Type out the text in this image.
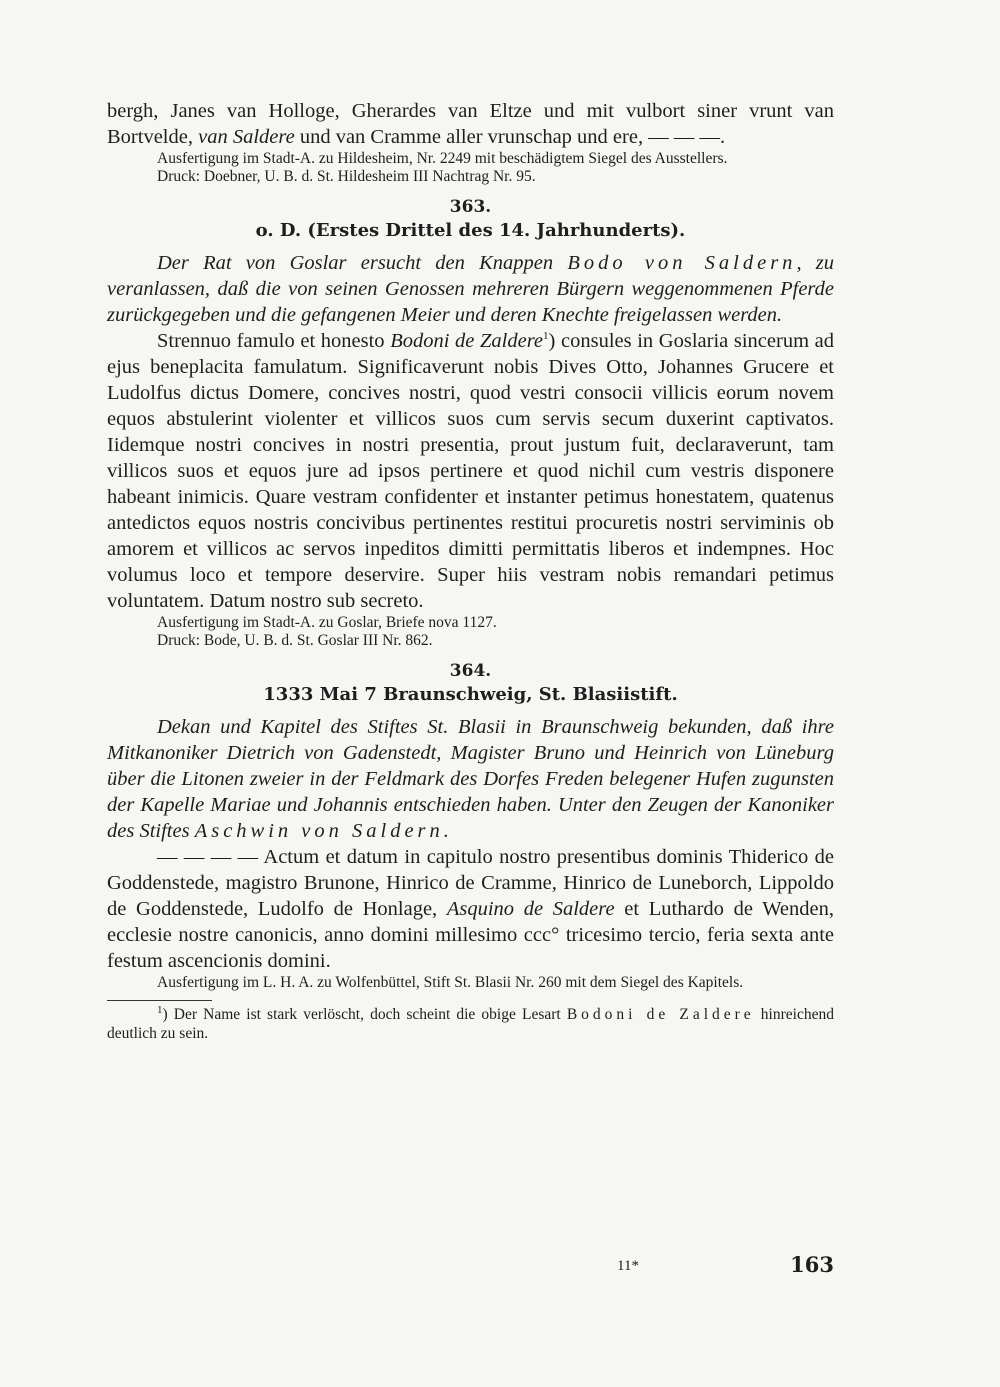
bergh, Janes van Holloge, Gherardes van Eltze und mit vulbort siner vrunt van Bortvelde, van Saldere und van Cramme aller vrunschap und ere, — — —.

Ausfertigung im Stadt-A. zu Hildesheim, Nr. 2249 mit beschädigtem Siegel des Ausstellers.

Druck: Doebner, U. B. d. St. Hildesheim III Nachtrag Nr. 95.

363.

o. D. (Erstes Drittel des 14. Jahrhunderts).

Der Rat von Goslar ersucht den Knappen Bodo von Saldern, zu veranlassen, daß die von seinen Genossen mehreren Bürgern weggenommenen Pferde zurückgegeben und die gefangenen Meier und deren Knechte freigelassen werden.

Strennuo famulo et honesto Bodoni de Zaldere$^1$) consules in Goslaria sincerum ad ejus beneplacita famulatum. Significaverunt nobis Dives Otto, Johannes Grucere et Ludolfus dictus Domere, concives nostri, quod vestri consocii villicis eorum novem equos abstulerint violenter et villicos suos cum servis secum duxerint captivatos. Iidemque nostri concives in nostri presentia, prout justum fuit, declaraverunt, tam villicos suos et equos jure ad ipsos pertinere et quod nichil cum vestris disponere habeant inimicis. Quare vestram confidenter et instanter petimus honestatem, quatenus antedictos equos nostris concivibus pertinentes restitui procuretis nostri serviminis ob amorem et villicos ac servos inpeditos dimitti permittatis liberos et indempnes. Hoc volumus loco et tempore deservire. Super hiis vestram nobis remandari petimus voluntatem. Datum nostro sub secreto.

Ausfertigung im Stadt-A. zu Goslar, Briefe nova 1127.

Druck: Bode, U. B. d. St. Goslar III Nr. 862.

364.

1333 Mai 7 Braunschweig, St. Blasiistift.

Dekan und Kapitel des Stiftes St. Blasii in Braunschweig bekunden, daß ihre Mitkanoniker Dietrich von Gadenstedt, Magister Bruno und Heinrich von Lüneburg über die Litonen zweier in der Feldmark des Dorfes Freden belegener Hufen zugunsten der Kapelle Mariae und Johannis entschieden haben. Unter den Zeugen der Kanoniker des Stiftes Aschwin von Saldern.

— — — — Actum et datum in capitulo nostro presentibus dominis Thiderico de Goddenstede, magistro Brunone, Hinrico de Cramme, Hinrico de Luneborch, Lippoldo de Goddenstede, Ludolfo de Honlage, Asquino de Saldere et Luthardo de Wenden, ecclesie nostre canonicis, anno domini millesimo ccc° tricesimo tercio, feria sexta ante festum ascencionis domini.

Ausfertigung im L. H. A. zu Wolfenbüttel, Stift St. Blasii Nr. 260 mit dem Siegel des Kapitels.

$^1$) Der Name ist stark verlöscht, doch scheint die obige Lesart Bodoni de Zaldere hinreichend deutlich zu sein.

11*	163
